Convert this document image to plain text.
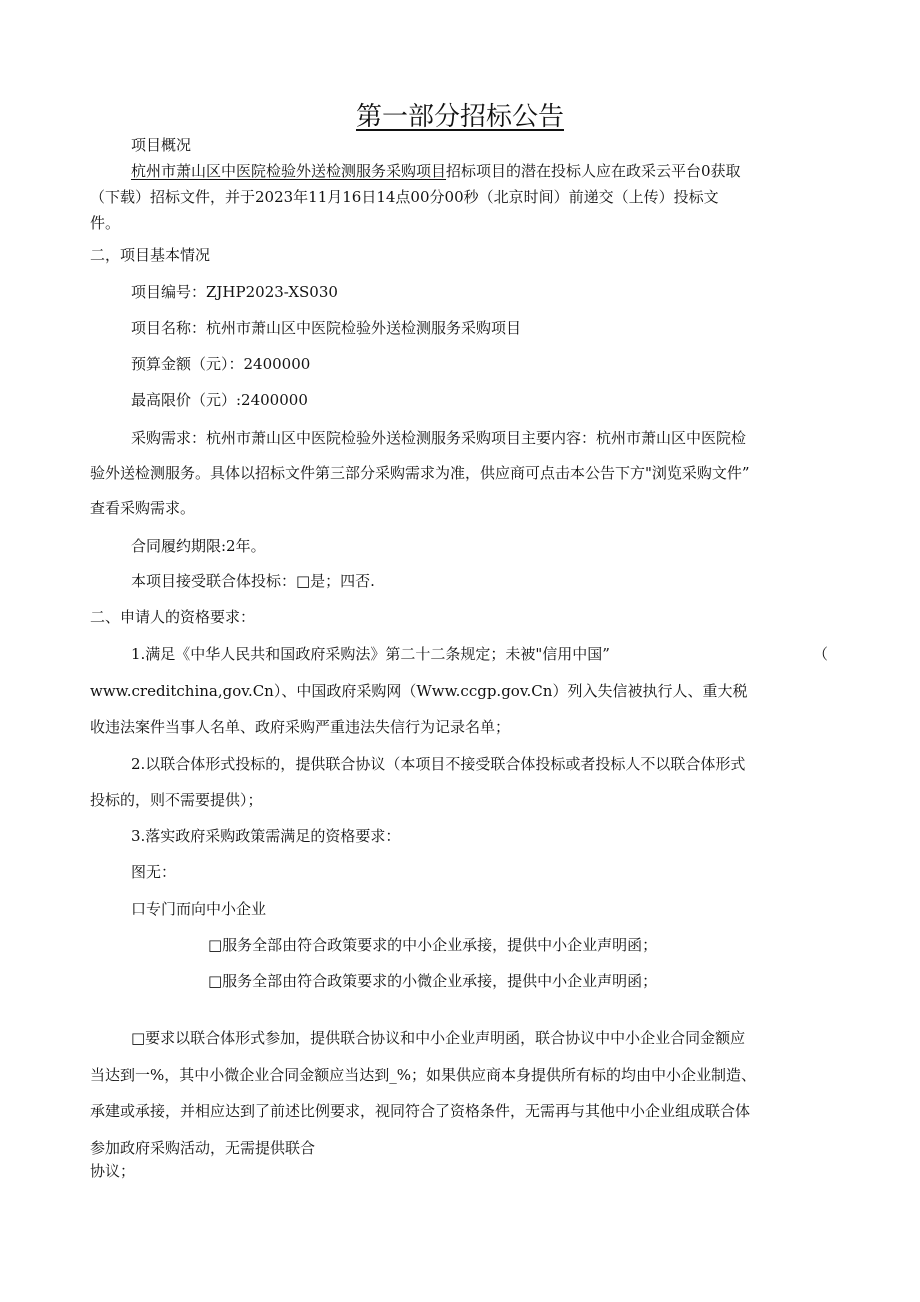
第一部分招标公告
项目概况
杭州市萧山区中医院检验外送检测服务采购项目招标项目的潜在投标人应在政采云平台0获取
（下载）招标文件，并于2023年11月16日14点00分00秒（北京时间）前递交（上传）投标文
件。
二，项目基本情况
项目编号：ZJHP2023-XS030
项目名称：杭州市萧山区中医院检验外送检测服务采购项目
预算金额（元）：2400000
最高限价（元）:2400000
采购需求：杭州市萧山区中医院检验外送检测服务采购项目主要内容：杭州市萧山区中医院检
验外送检测服务。具体以招标文件第三部分采购需求为准，供应商可点击本公告下方"浏览采购文件”
查看采购需求。
合同履约期限:2年。
本项目接受联合体投标：□是；四否.
二、申请人的资格要求：
1.满足《中华人民共和国政府采购法》第二十二条规定；未被"信用中国”	（
www.creditchina,gov.Cn）、中国政府采购网（Www.ccgp.gov.Cn）列入失信被执行人、重大税
收违法案件当事人名单、政府采购严重违法失信行为记录名单；
2.以联合体形式投标的，提供联合协议（本项目不接受联合体投标或者投标人不以联合体形式
投标的，则不需要提供）；
3.落实政府采购政策需满足的资格要求：
图无：
口专门而向中小企业
□服务全部由符合政策要求的中小企业承接，提供中小企业声明函；
□服务全部由符合政策要求的小微企业承接，提供中小企业声明函；
□要求以联合体形式参加，提供联合协议和中小企业声明函，联合协议中中小企业合同金额应
当达到一%，其中小微企业合同金额应当达到_%；如果供应商本身提供所有标的均由中小企业制造、
承建或承接，并相应达到了前述比例要求，视同符合了资格条件，无需再与其他中小企业组成联合体
参加政府采购活动，无需提供联合
协议；
